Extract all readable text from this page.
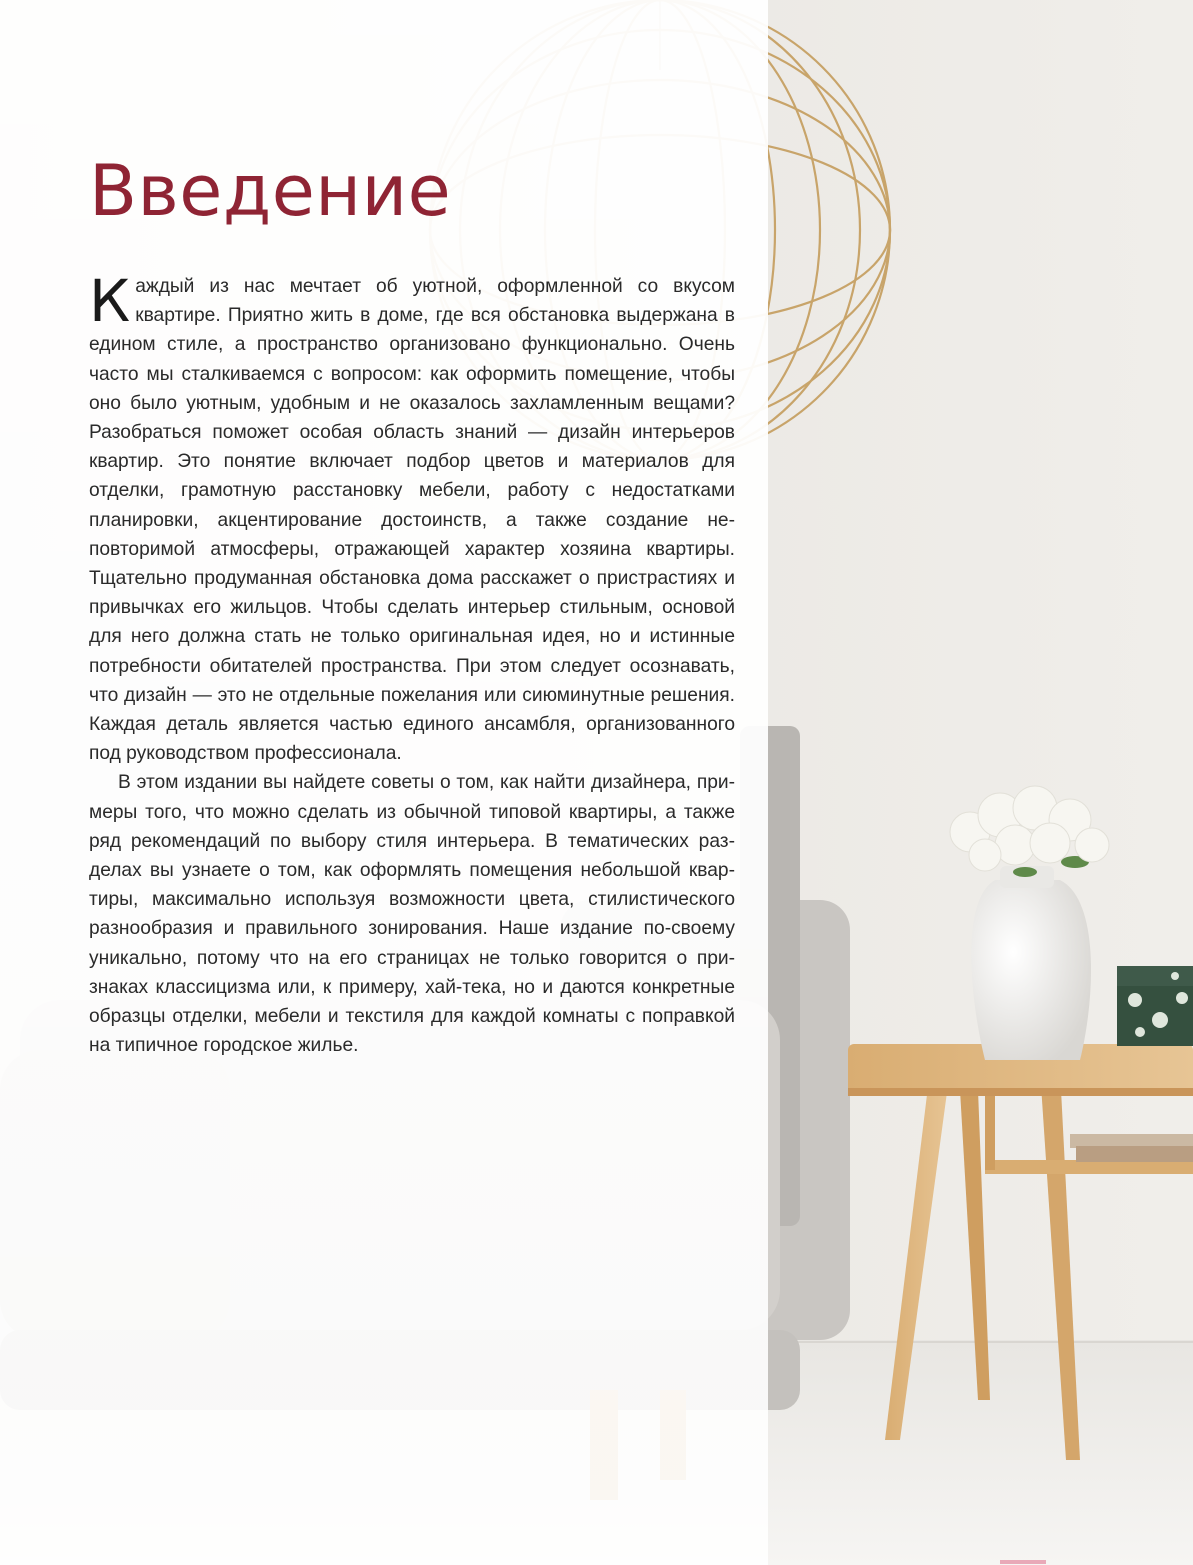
Введение

Каждый из нас мечтает об уютной, оформленной со вкусом квартире. Приятно жить в доме, где вся обстановка выдержана в едином стиле, а пространство организовано функционально. Очень часто мы сталкиваемся с вопросом: как оформить помещение, чтобы оно было уютным, удобным и не оказалось захламленным вещами? Разобраться поможет особая область знаний — дизайн интерьеров квартир. Это понятие включает подбор цветов и материалов для отделки, грамотную расстановку мебели, работу с недостатками планировки, акцентирование достоинств, а также создание неповторимой атмосферы, отражающей характер хозяина квартиры. Тщательно продуманная обстановка дома расскажет о пристрастиях и привычках его жильцов. Чтобы сделать интерьер стильным, основой для него должна стать не только оригинальная идея, но и истинные потребности обитателей пространства. При этом следует осознавать, что дизайн — это не отдельные пожелания или сиюминутные решения. Каждая деталь является частью единого ансамбля, организованного под руководством профессионала.

В этом издании вы найдете советы о том, как найти дизайнера, примеры того, что можно сделать из обычной типовой квартиры, а также ряд рекомендаций по выбору стиля интерьера. В тематических разделах вы узнаете о том, как оформлять помещения небольшой квартиры, максимально используя возможности цвета, стилистического разнообразия и правильного зонирования. Наше издание по-своему уникально, потому что на его страницах не только говорится о признаках классицизма или, к примеру, хай-тека, но и даются конкретные образцы отделки, мебели и текстиля для каждой комнаты с поправкой на типичное городское жилье.
